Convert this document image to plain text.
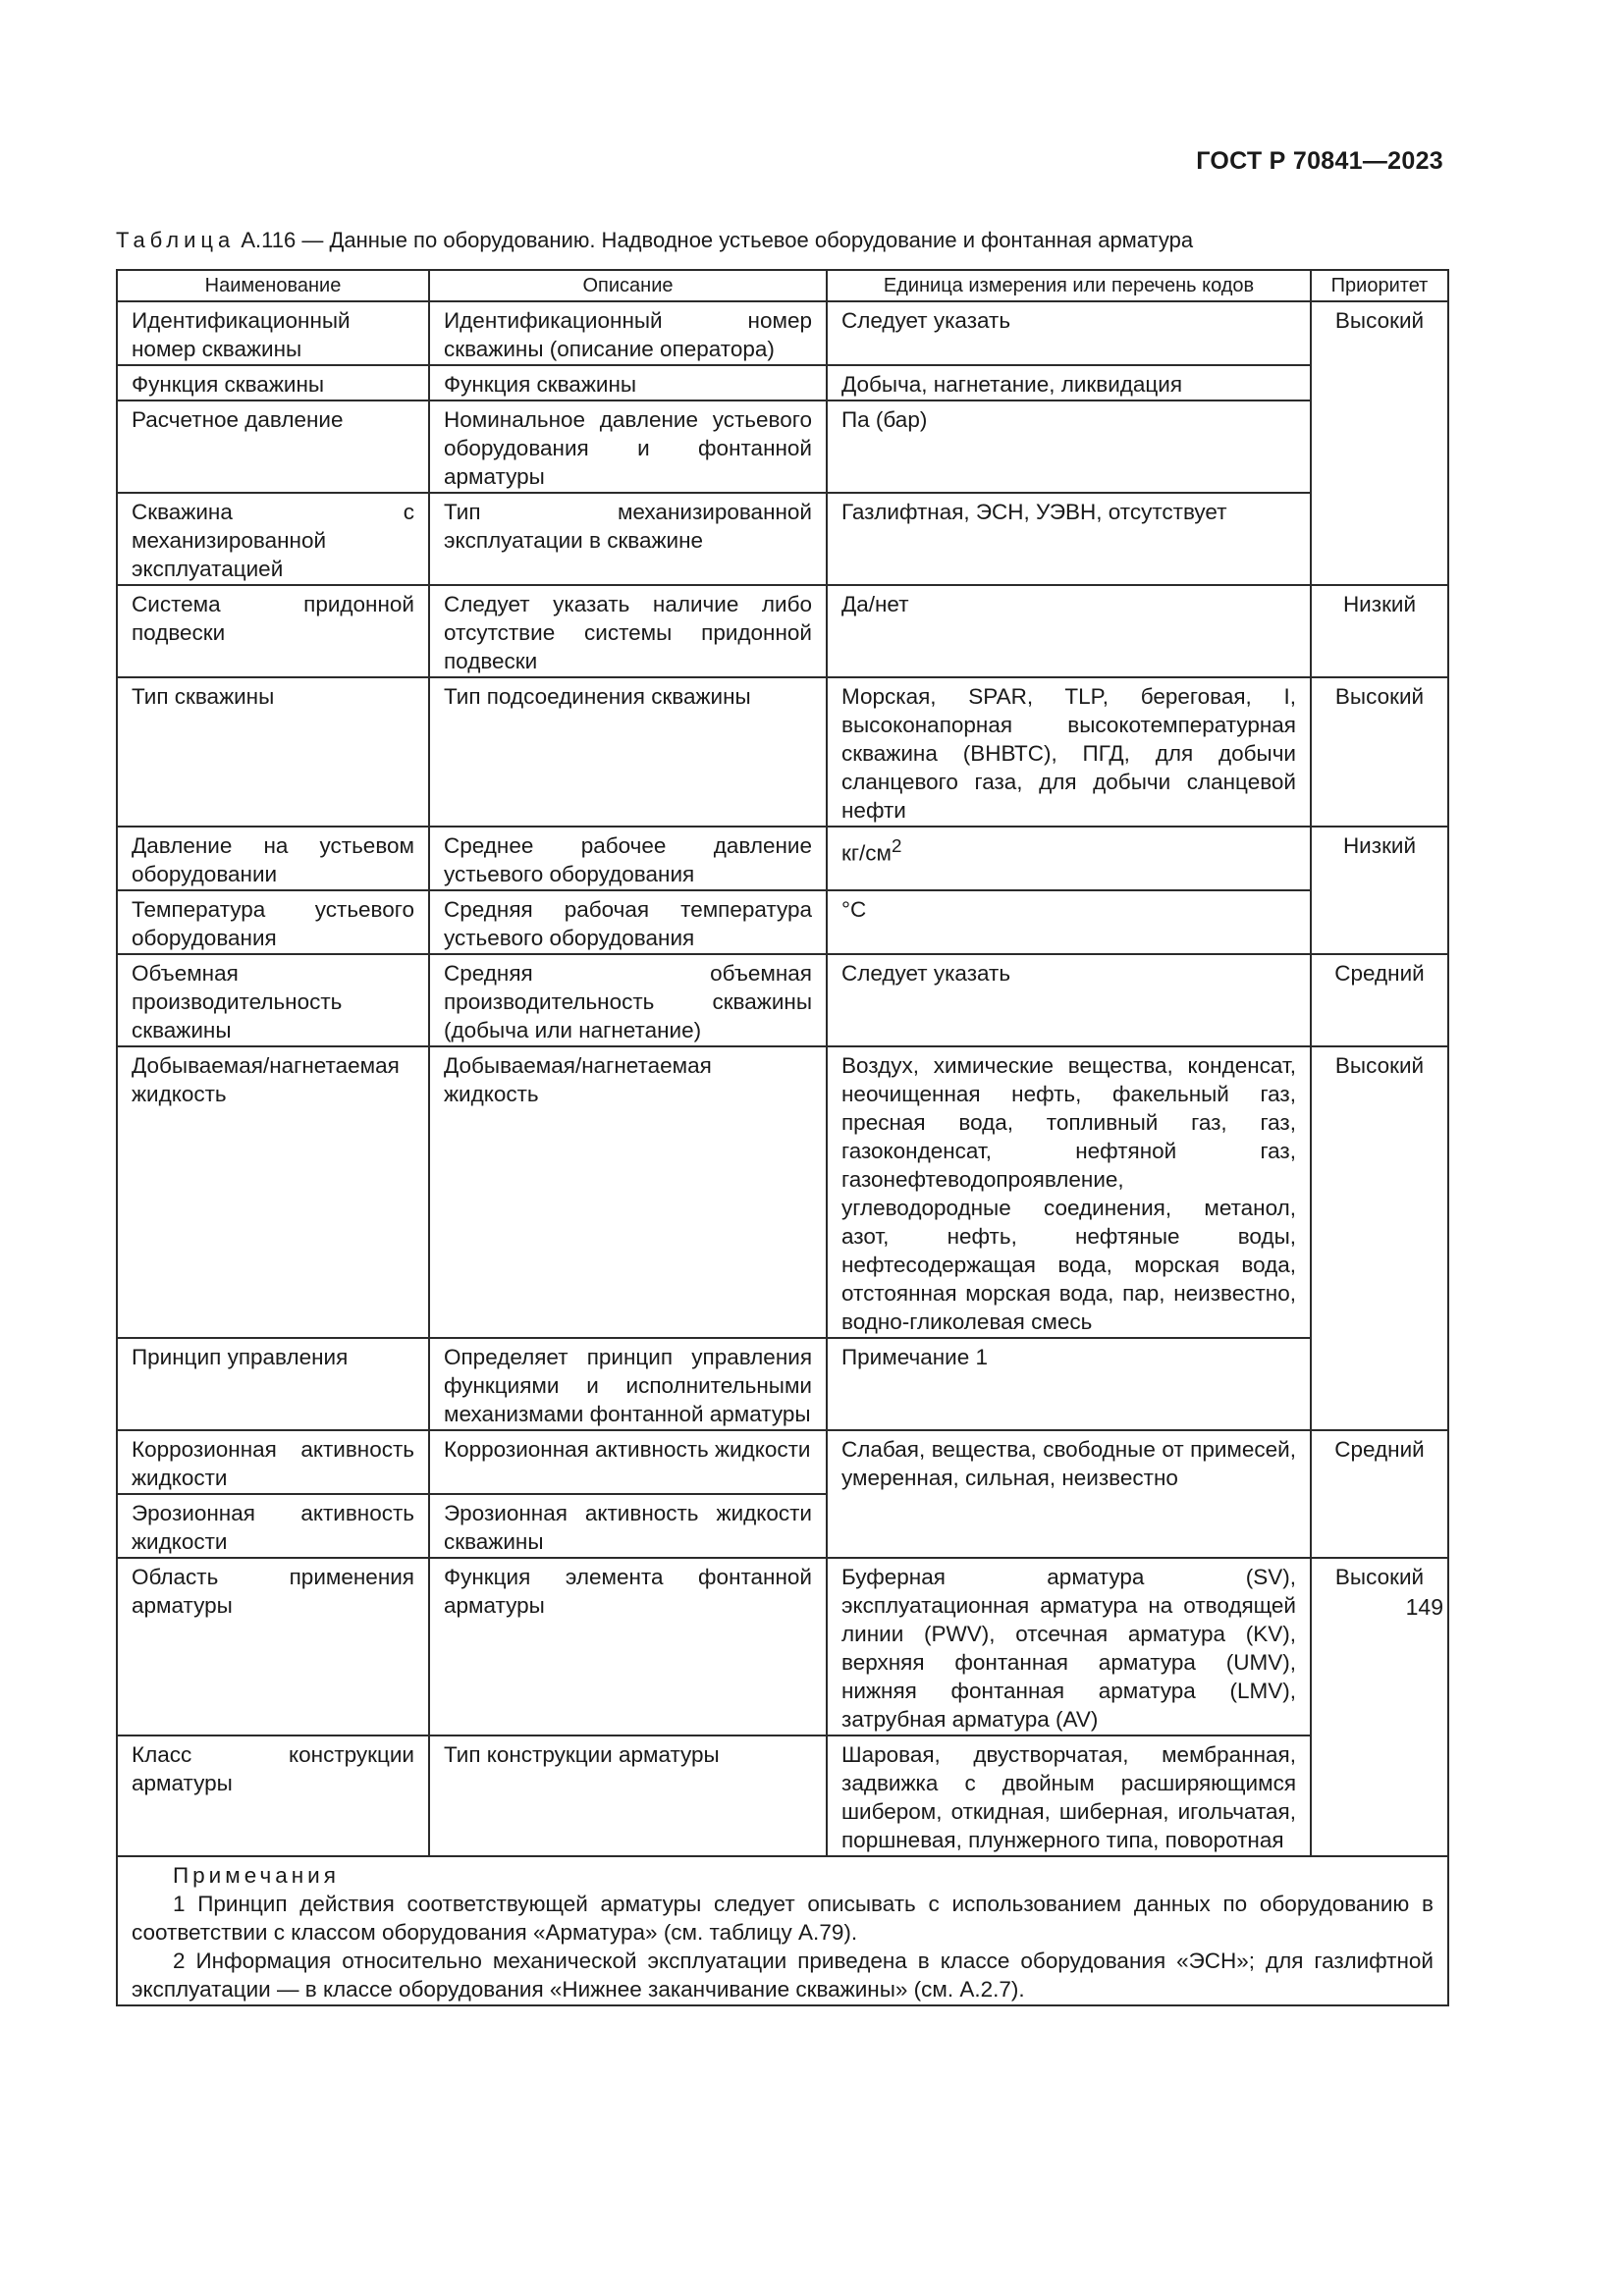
ГОСТ Р 70841—2023
Таблица А.116 — Данные по оборудованию. Надводное устьевое оборудование и фонтанная арматура
Наименование	Описание	Единица измерения или перечень кодов	Приоритет
Идентификационный номер скважины	Идентификационный номер скважины (описание оператора)	Следует указать	Высокий
Функция скважины	Функция скважины	Добыча, нагнетание, ликвидация	
Расчетное давление	Номинальное давление устьевого оборудования и фонтанной арматуры	Па (бар)	
Скважина с механизированной эксплуатацией	Тип механизированной эксплуатации в скважине	Газлифтная, ЭСН, УЭВН, отсутствует	
Система придонной подвески	Следует указать наличие либо отсутствие системы придонной подвески	Да/нет	Низкий
Тип скважины	Тип подсоединения скважины	Морская, SPAR, TLP, береговая, I, высоконапорная высокотемпературная скважина (ВНВТС), ПГД, для добычи сланцевого газа, для добычи сланцевой нефти	Высокий
Давление на устьевом оборудовании	Среднее рабочее давление устьевого оборудования	$кг/см^2$	Низкий
Температура устьевого оборудования	Средняя рабочая температура устьевого оборудования	°С	
Объемная производительность скважины	Средняя объемная производительность скважины (добыча или нагнетание)	Следует указать	Средний
Добываемая/нагнетаемая жидкость	Добываемая/нагнетаемая жидкость	Воздух, химические вещества, конденсат, неочищенная нефть, факельный газ, пресная вода, топливный газ, газ, газоконденсат, нефтяной газ, газонефтеводопроявление, углеводородные соединения, метанол, азот, нефть, нефтяные воды, нефтесодержащая вода, морская вода, отстоянная морская вода, пар, неизвестно, водно-гликолевая смесь	Высокий
Принцип управления	Определяет принцип управления функциями и исполнительными механизмами фонтанной арматуры	Примечание 1	
Коррозионная активность жидкости	Коррозионная активность жидкости	Слабая, вещества, свободные от примесей, умеренная, сильная, неизвестно	Средний
Эрозионная активность жидкости	Эрозионная активность жидкости скважины		
Область применения арматуры	Функция элемента фонтанной арматуры	Буферная арматура (SV), эксплуатационная арматура на отводящей линии (PWV), отсечная арматура (KV), верхняя фонтанная арматура (UMV), нижняя фонтанная арматура (LMV), затрубная арматура (AV)	Высокий
Класс конструкции арматуры	Тип конструкции арматуры	Шаровая, двустворчатая, мембранная, задвижка с двойным расширяющимся шибером, откидная, шиберная, игольчатая, поршневая, плунжерного типа, поворотная	

Примечания
1 Принцип действия соответствующей арматуры следует описывать с использованием данных по оборудованию в соответствии с классом оборудования «Арматура» (см. таблицу А.79).
2 Информация относительно механической эксплуатации приведена в классе оборудования «ЭСН»; для газлифтной эксплуатации — в классе оборудования «Нижнее заканчивание скважины» (см. А.2.7).			
149
